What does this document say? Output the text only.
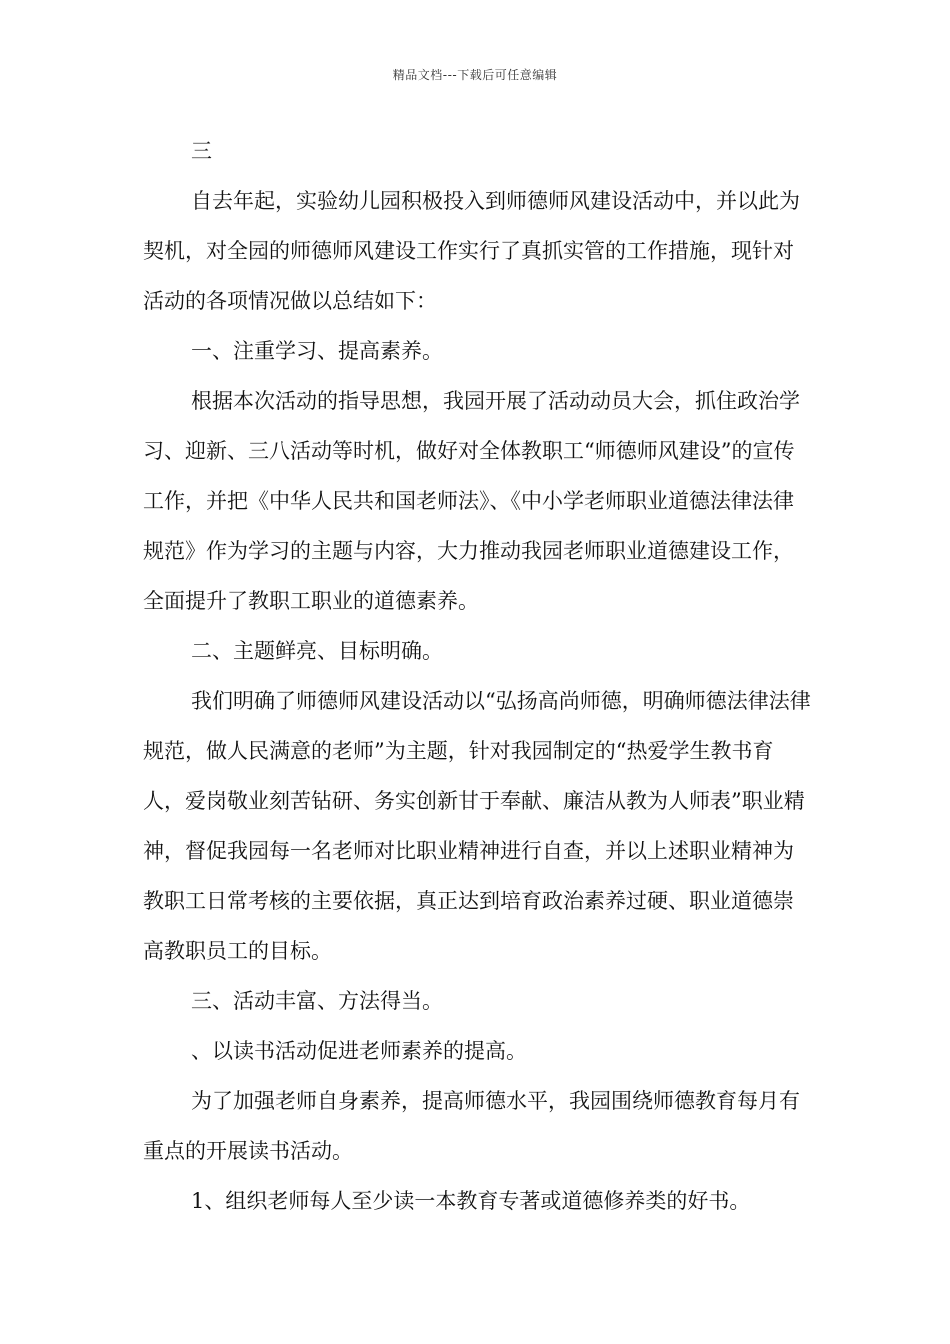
精品文档---下载后可任意编辑

三

自去年起，实验幼儿园积极投入到师德师风建设活动中，并以此为契机，对全园的师德师风建设工作实行了真抓实管的工作措施，现针对活动的各项情况做以总结如下：

一、注重学习、提高素养。

根据本次活动的指导思想，我园开展了活动动员大会，抓住政治学习、迎新、三八活动等时机，做好对全体教职工“师德师风建设”的宣传工作，并把《中华人民共和国老师法》、《中小学老师职业道德法律法律规范》作为学习的主题与内容，大力推动我园老师职业道德建设工作，全面提升了教职工职业的道德素养。

二、主题鲜亮、目标明确。

我们明确了师德师风建设活动以“弘扬高尚师德，明确师德法律法律规范，做人民满意的老师”为主题，针对我园制定的“热爱学生教书育人，爱岗敬业刻苦钻研、务实创新甘于奉献、廉洁从教为人师表”职业精神，督促我园每一名老师对比职业精神进行自查，并以上述职业精神为教职工日常考核的主要依据，真正达到培育政治素养过硬、职业道德崇高教职员工的目标。

三、活动丰富、方法得当。

、以读书活动促进老师素养的提高。

为了加强老师自身素养，提高师德水平，我园围绕师德教育每月有重点的开展读书活动。

1、组织老师每人至少读一本教育专著或道德修养类的好书。
